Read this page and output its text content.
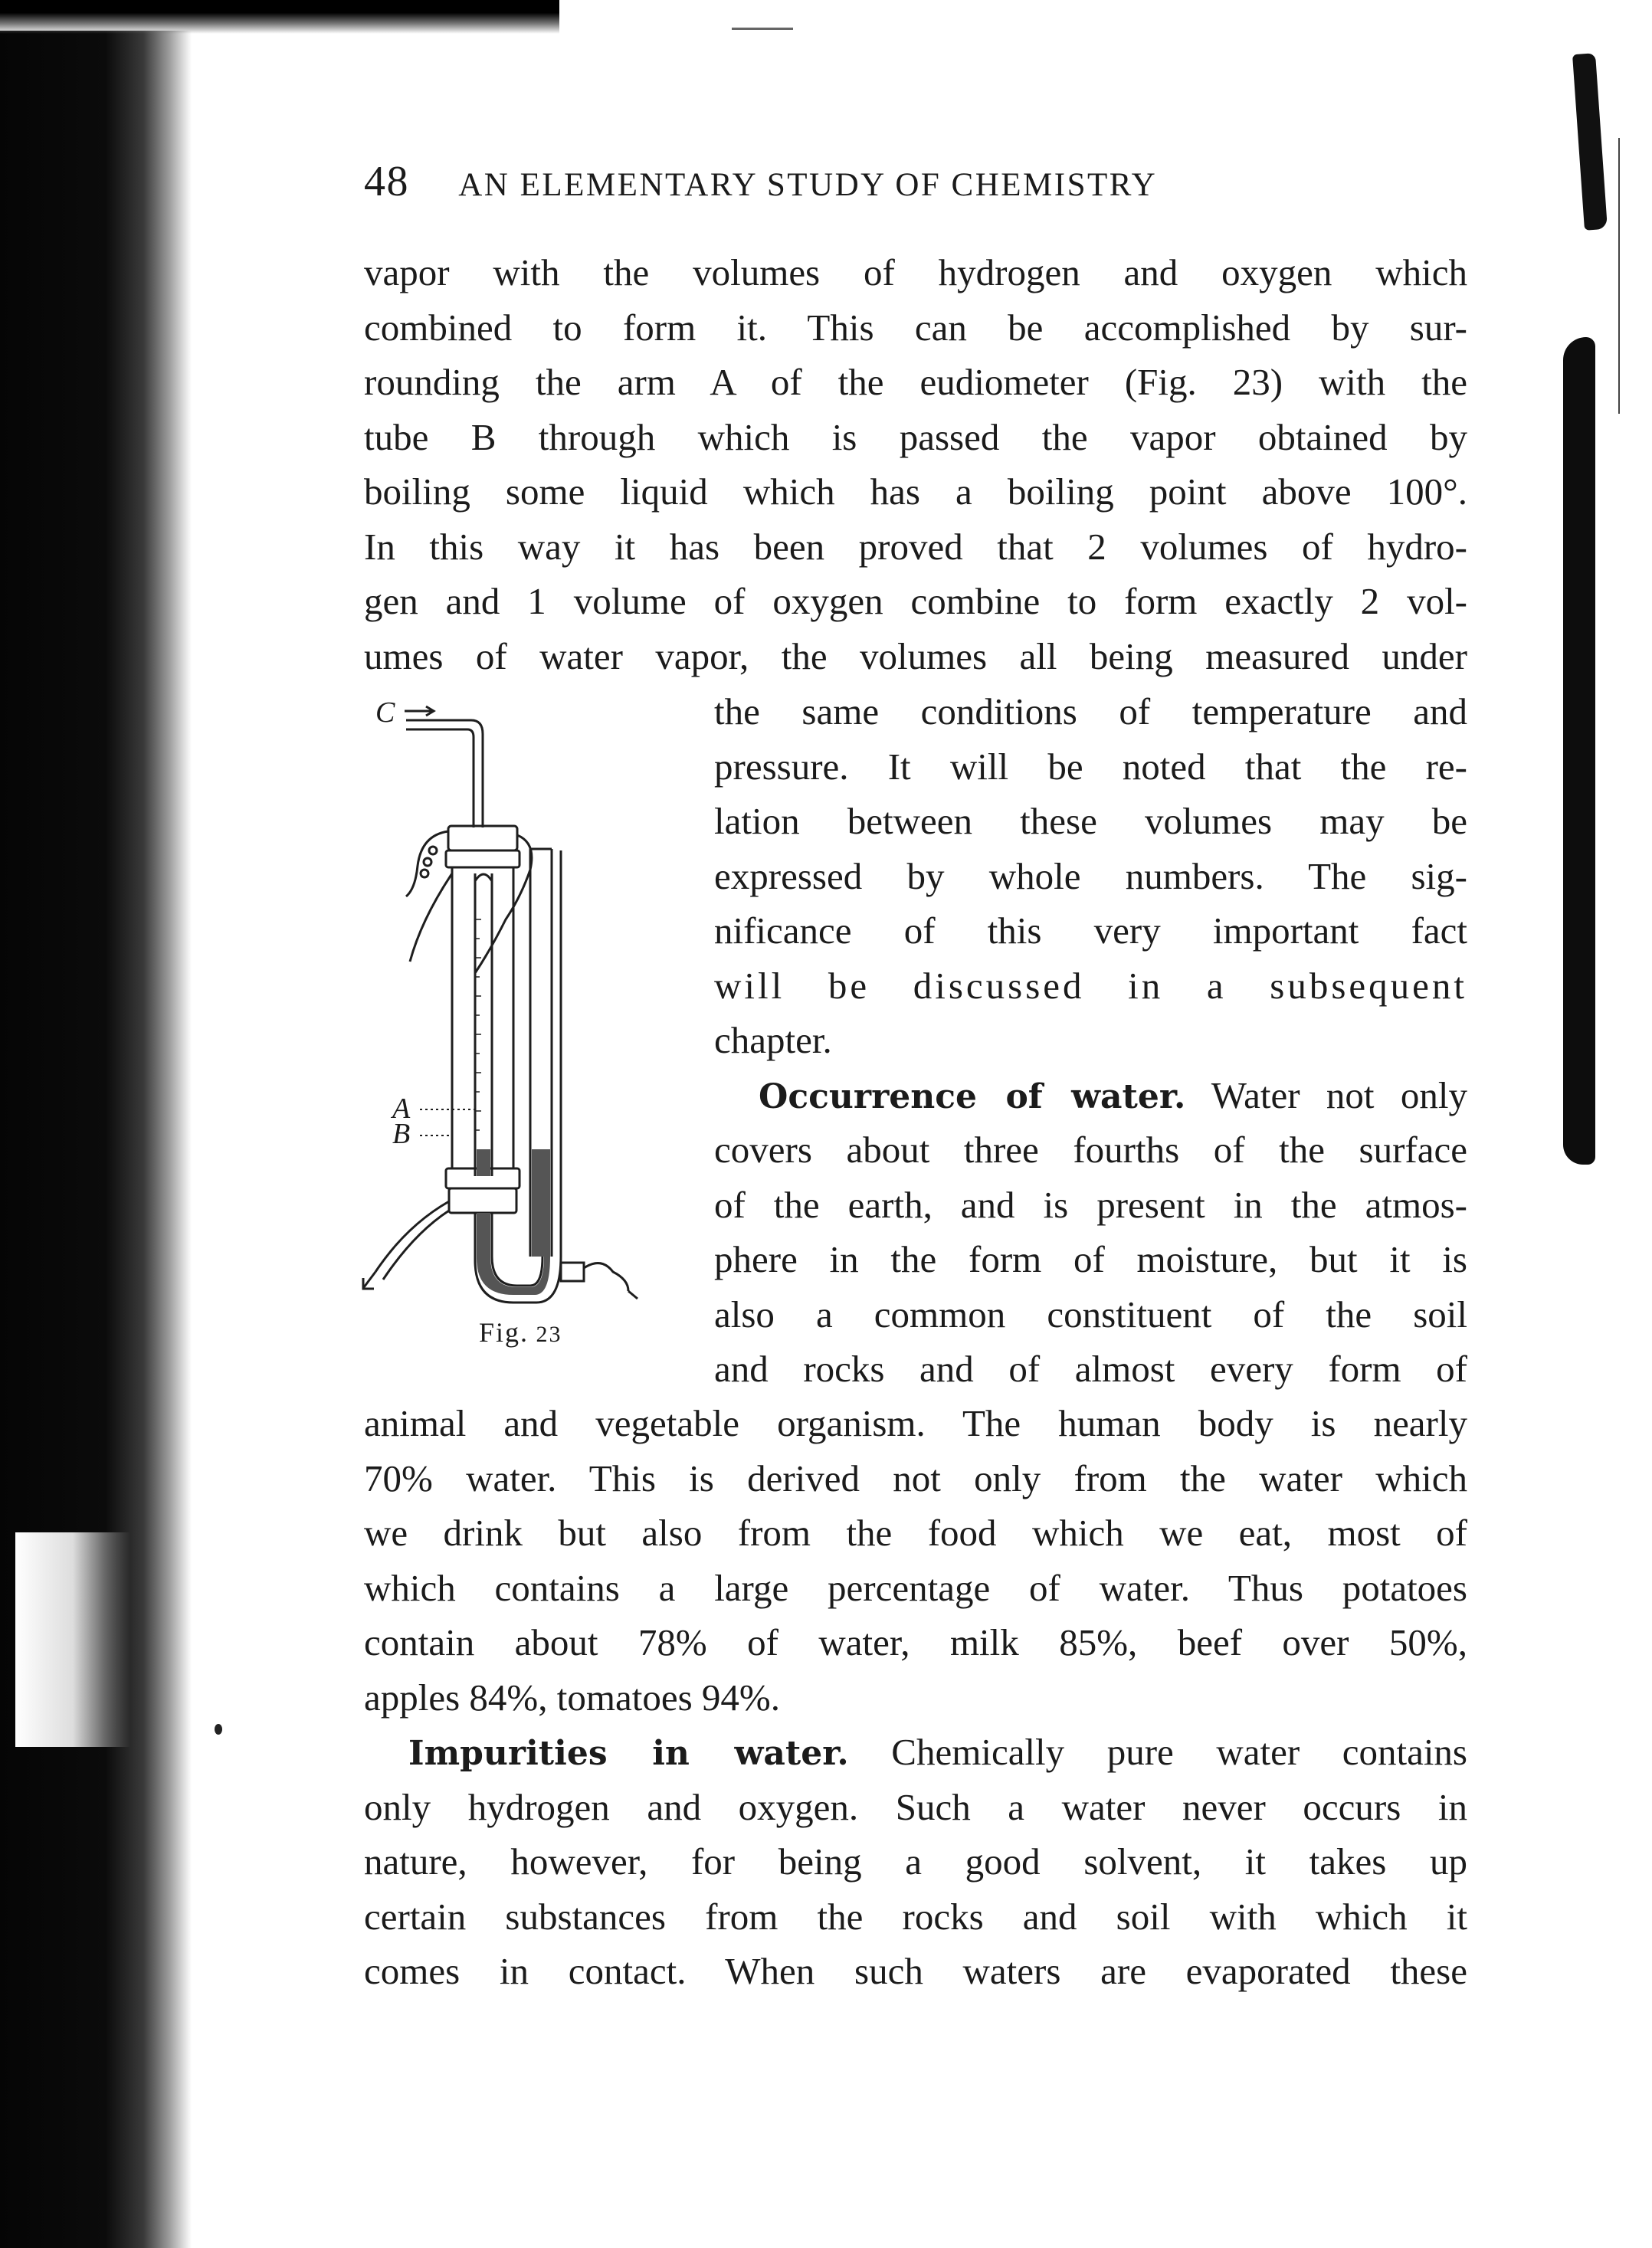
48 AN ELEMENTARY STUDY OF CHEMISTRY
vapor with the volumes of hydrogen and oxygen which
combined to form it. This can be accomplished by sur-
rounding the arm A of the eudiometer (Fig. 23) with the
tube B through which is passed the vapor obtained by
boiling some liquid which has a boiling point above 100°.
In this way it has been proved that 2 volumes of hydro-
gen and 1 volume of oxygen combine to form exactly 2 vol-
umes of water vapor, the volumes all being measured under
the same conditions of temperature and
pressure. It will be noted that the re-
lation between these volumes may be
expressed by whole numbers. The sig-
nificance of this very important fact
will be discussed in a subsequent
chapter.
Occurrence of water. Water not only
covers about three fourths of the surface
of the earth, and is present in the atmos-
phere in the form of moisture, but it is
also a common constituent of the soil
and rocks and of almost every form of
animal and vegetable organism. The human body is nearly
70% water. This is derived not only from the water which
we drink but also from the food which we eat, most of
which contains a large percentage of water. Thus potatoes
contain about 78% of water, milk 85%, beef over 50%,
apples 84%, tomatoes 94%.
Impurities in water. Chemically pure water contains
only hydrogen and oxygen. Such a water never occurs in
nature, however, for being a good solvent, it takes up
certain substances from the rocks and soil with which it
comes in contact. When such waters are evaporated these
C
A
B
Fig. 23
